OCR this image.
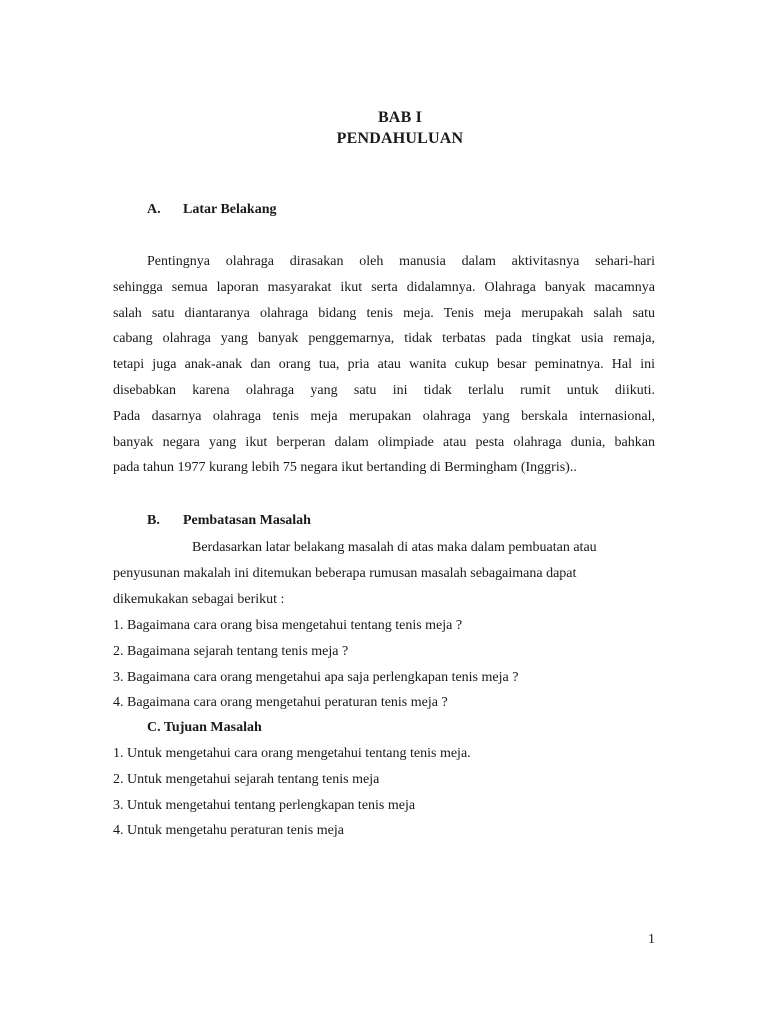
BAB I
PENDAHULUAN
A. Latar Belakang
Pentingnya olahraga dirasakan oleh manusia dalam aktivitasnya sehari-hari
sehingga semua laporan masyarakat ikut serta didalamnya. Olahraga banyak macamnya
salah satu diantaranya olahraga bidang tenis meja. Tenis meja merupakah salah satu
cabang olahraga yang banyak penggemarnya, tidak terbatas pada tingkat usia remaja,
tetapi juga anak-anak dan orang tua, pria atau wanita cukup besar peminatnya. Hal ini
disebabkan karena olahraga yang satu ini tidak terlalu rumit untuk diikuti.
Pada dasarnya olahraga tenis meja merupakan olahraga yang berskala internasional,
banyak negara yang ikut berperan dalam olimpiade atau pesta olahraga dunia, bahkan
pada tahun 1977 kurang lebih 75 negara ikut bertanding di Bermingham (Inggris)..
B. Pembatasan Masalah
Berdasarkan latar belakang masalah di atas maka dalam pembuatan atau
penyusunan makalah ini ditemukan beberapa rumusan masalah sebagaimana dapat
dikemukakan sebagai berikut :
1. Bagaimana cara orang bisa mengetahui tentang tenis meja ?
2. Bagaimana sejarah tentang tenis meja ?
3. Bagaimana cara orang mengetahui apa saja perlengkapan tenis meja ?
4. Bagaimana cara orang mengetahui peraturan tenis meja ?
C. Tujuan Masalah
1. Untuk mengetahui cara orang mengetahui tentang tenis meja.
2. Untuk mengetahui sejarah tentang tenis meja
3. Untuk mengetahui tentang perlengkapan tenis meja
4. Untuk mengetahu peraturan tenis meja
1
